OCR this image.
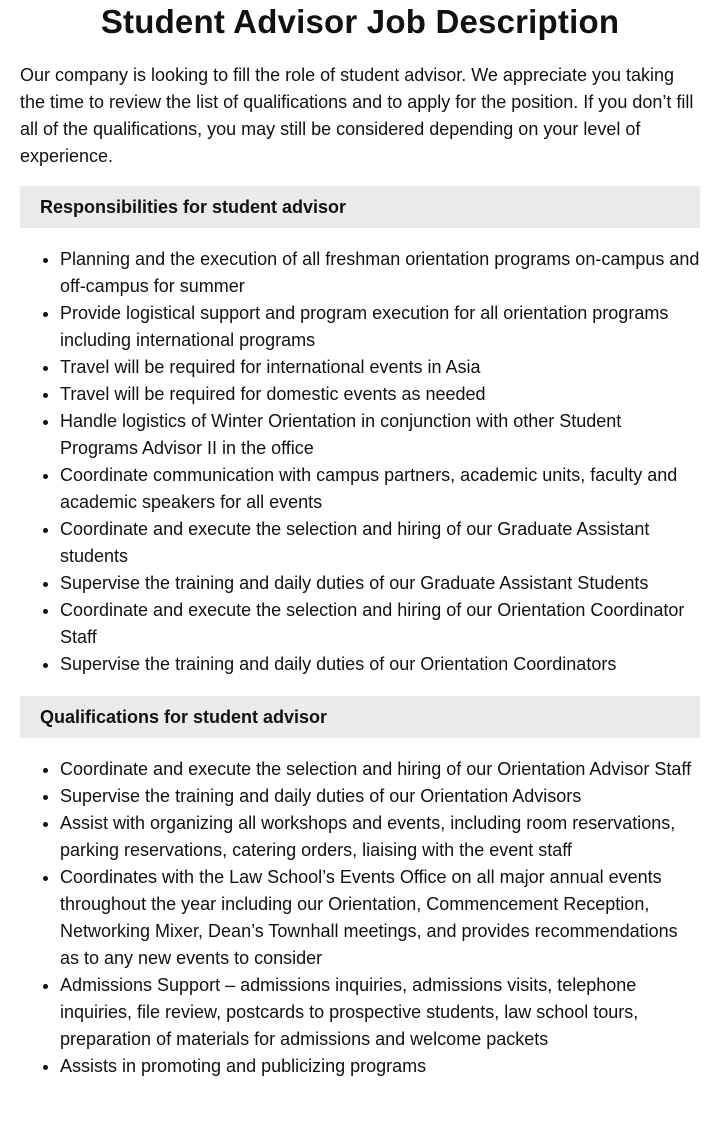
Student Advisor Job Description

Our company is looking to fill the role of student advisor. We appreciate you taking the time to review the list of qualifications and to apply for the position. If you don’t fill all of the qualifications, you may still be considered depending on your level of experience.

Responsibilities for student advisor
• Planning and the execution of all freshman orientation programs on-campus and off-campus for summer
• Provide logistical support and program execution for all orientation programs including international programs
• Travel will be required for international events in Asia
• Travel will be required for domestic events as needed
• Handle logistics of Winter Orientation in conjunction with other Student Programs Advisor II in the office
• Coordinate communication with campus partners, academic units, faculty and academic speakers for all events
• Coordinate and execute the selection and hiring of our Graduate Assistant students
• Supervise the training and daily duties of our Graduate Assistant Students
• Coordinate and execute the selection and hiring of our Orientation Coordinator Staff
• Supervise the training and daily duties of our Orientation Coordinators
Qualifications for student advisor
• Coordinate and execute the selection and hiring of our Orientation Advisor Staff
• Supervise the training and daily duties of our Orientation Advisors
• Assist with organizing all workshops and events, including room reservations, parking reservations, catering orders, liaising with the event staff
• Coordinates with the Law School’s Events Office on all major annual events throughout the year including our Orientation, Commencement Reception, Networking Mixer, Dean’s Townhall meetings, and provides recommendations as to any new events to consider
• Admissions Support – admissions inquiries, admissions visits, telephone inquiries, file review, postcards to prospective students, law school tours, preparation of materials for admissions and welcome packets
• Assists in promoting and publicizing programs
